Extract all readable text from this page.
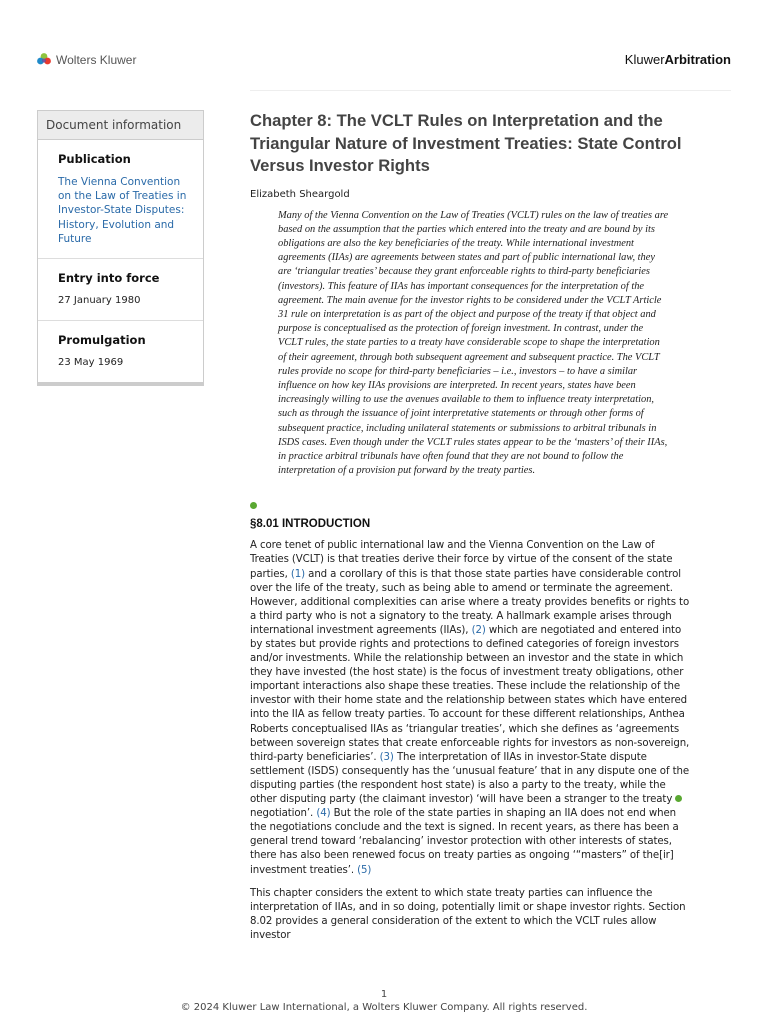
Wolters Kluwer	KluwerArbitration
Document information
Publication
The Vienna Convention on the Law of Treaties in Investor-State Disputes: History, Evolution and Future
Entry into force
27 January 1980
Promulgation
23 May 1969
Chapter 8: The VCLT Rules on Interpretation and the Triangular Nature of Investment Treaties: State Control Versus Investor Rights
Elizabeth Sheargold
Many of the Vienna Convention on the Law of Treaties (VCLT) rules on the law of treaties are based on the assumption that the parties which entered into the treaty and are bound by its obligations are also the key beneficiaries of the treaty. While international investment agreements (IIAs) are agreements between states and part of public international law, they are ‘triangular treaties’ because they grant enforceable rights to third-party beneficiaries (investors). This feature of IIAs has important consequences for the interpretation of the agreement. The main avenue for the investor rights to be considered under the VCLT Article 31 rule on interpretation is as part of the object and purpose of the treaty if that object and purpose is conceptualised as the protection of foreign investment. In contrast, under the VCLT rules, the state parties to a treaty have considerable scope to shape the interpretation of their agreement, through both subsequent agreement and subsequent practice. The VCLT rules provide no scope for third-party beneficiaries – i.e., investors – to have a similar influence on how key IIAs provisions are interpreted. In recent years, states have been increasingly willing to use the avenues available to them to influence treaty interpretation, such as through the issuance of joint interpretative statements or through other forms of subsequent practice, including unilateral statements or submissions to arbitral tribunals in ISDS cases. Even though under the VCLT rules states appear to be the ‘masters’ of their IIAs, in practice arbitral tribunals have often found that they are not bound to follow the interpretation of a provision put forward by the treaty parties.
§8.01 INTRODUCTION
A core tenet of public international law and the Vienna Convention on the Law of Treaties (VCLT) is that treaties derive their force by virtue of the consent of the state parties, (1) and a corollary of this is that those state parties have considerable control over the life of the treaty, such as being able to amend or terminate the agreement. However, additional complexities can arise where a treaty provides benefits or rights to a third party who is not a signatory to the treaty. A hallmark example arises through international investment agreements (IIAs), (2) which are negotiated and entered into by states but provide rights and protections to defined categories of foreign investors and/or investments. While the relationship between an investor and the state in which they have invested (the host state) is the focus of investment treaty obligations, other important interactions also shape these treaties. These include the relationship of the investor with their home state and the relationship between states which have entered into the IIA as fellow treaty parties. To account for these different relationships, Anthea Roberts conceptualised IIAs as ‘triangular treaties’, which she defines as ‘agreements between sovereign states that create enforceable rights for investors as non-sovereign, third-party beneficiaries’. (3) The interpretation of IIAs in investor-State dispute settlement (ISDS) consequently has the ‘unusual feature’ that in any dispute one of the disputing parties (the respondent host state) is also a party to the treaty, while the other disputing party (the claimant investor) ‘will have been a stranger to the treaty  negotiation’. (4) But the role of the state parties in shaping an IIA does not end when the negotiations conclude and the text is signed. In recent years, as there has been a general trend toward ‘rebalancing’ investor protection with other interests of states, there has also been renewed focus on treaty parties as ongoing ‘“masters” of the[ir] investment treaties’. (5)
This chapter considers the extent to which state treaty parties can influence the interpretation of IIAs, and in so doing, potentially limit or shape investor rights. Section 8.02 provides a general consideration of the extent to which the VCLT rules allow investor
1
© 2024 Kluwer Law International, a Wolters Kluwer Company. All rights reserved.
